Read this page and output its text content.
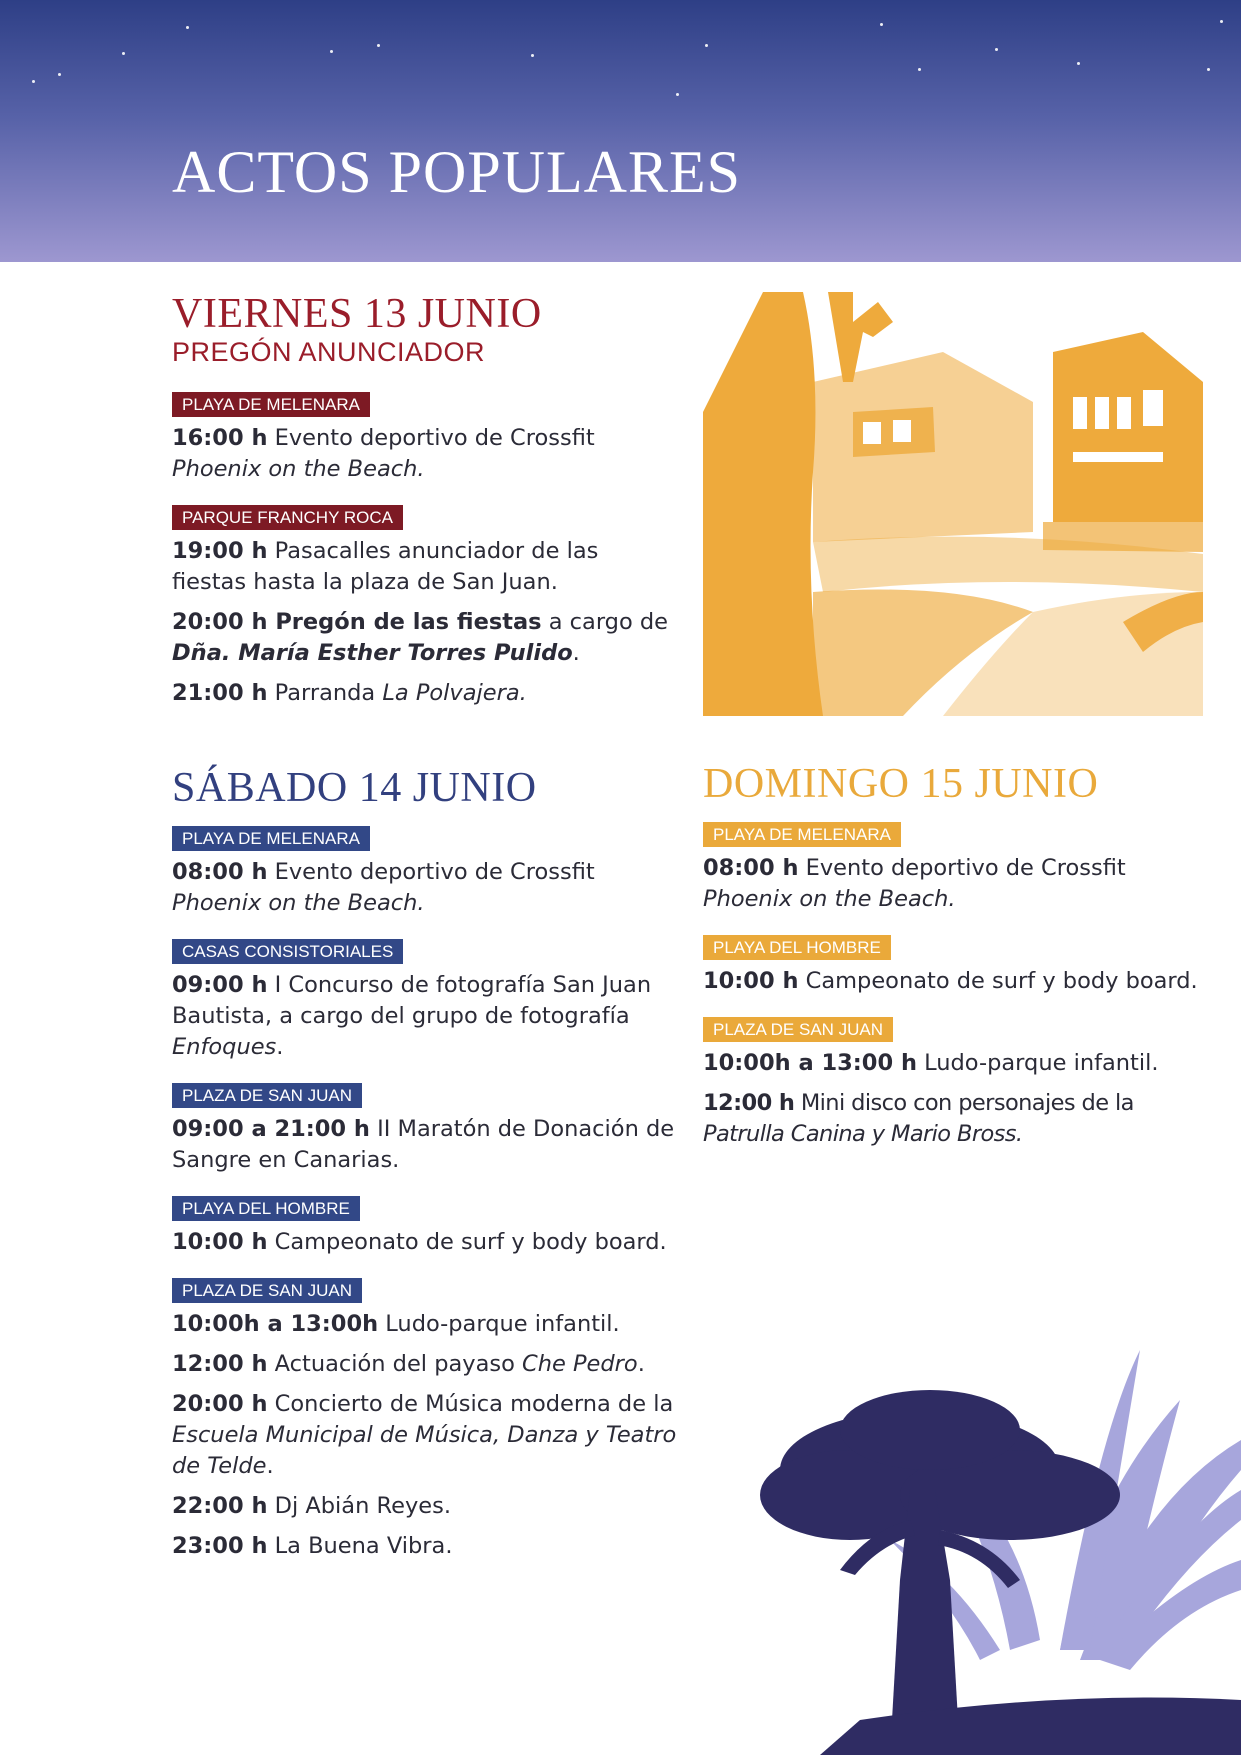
ACTOS POPULARES
VIERNES 13 JUNIO
PREGÓN ANUNCIADOR
PLAYA DE MELENARA

16:00 h Evento deportivo de Crossfit Phoenix on the Beach.

PARQUE FRANCHY ROCA

19:00 h Pasacalles anunciador de las fiestas hasta la plaza de San Juan.

20:00 h Pregón de las fiestas a cargo de Dña. María Esther Torres Pulido.

21:00 h Parranda La Polvajera.

SÁBADO 14 JUNIO
PLAYA DE MELENARA

08:00 h Evento deportivo de Crossfit Phoenix on the Beach.

CASAS CONSISTORIALES

09:00 h I Concurso de fotografía San Juan Bautista, a cargo del grupo de fotografía Enfoques.

PLAZA DE SAN JUAN

09:00 a 21:00 h II Maratón de Donación de Sangre en Canarias.

PLAYA DEL HOMBRE

10:00 h Campeonato de surf y body board.

PLAZA DE SAN JUAN

10:00h a 13:00h Ludo-parque infantil.

12:00 h Actuación del payaso Che Pedro.

20:00 h Concierto de Música moderna de la Escuela Municipal de Música, Danza y Teatro de Telde.

22:00 h Dj Abián Reyes.

23:00 h La Buena Vibra.

DOMINGO 15 JUNIO
PLAYA DE MELENARA

08:00 h Evento deportivo de Crossfit Phoenix on the Beach.

PLAYA DEL HOMBRE

10:00 h Campeonato de surf y body board.

PLAZA DE SAN JUAN

10:00h a 13:00 h Ludo-parque infantil.

12:00 h Mini disco con personajes de la Patrulla Canina y Mario Bross.
